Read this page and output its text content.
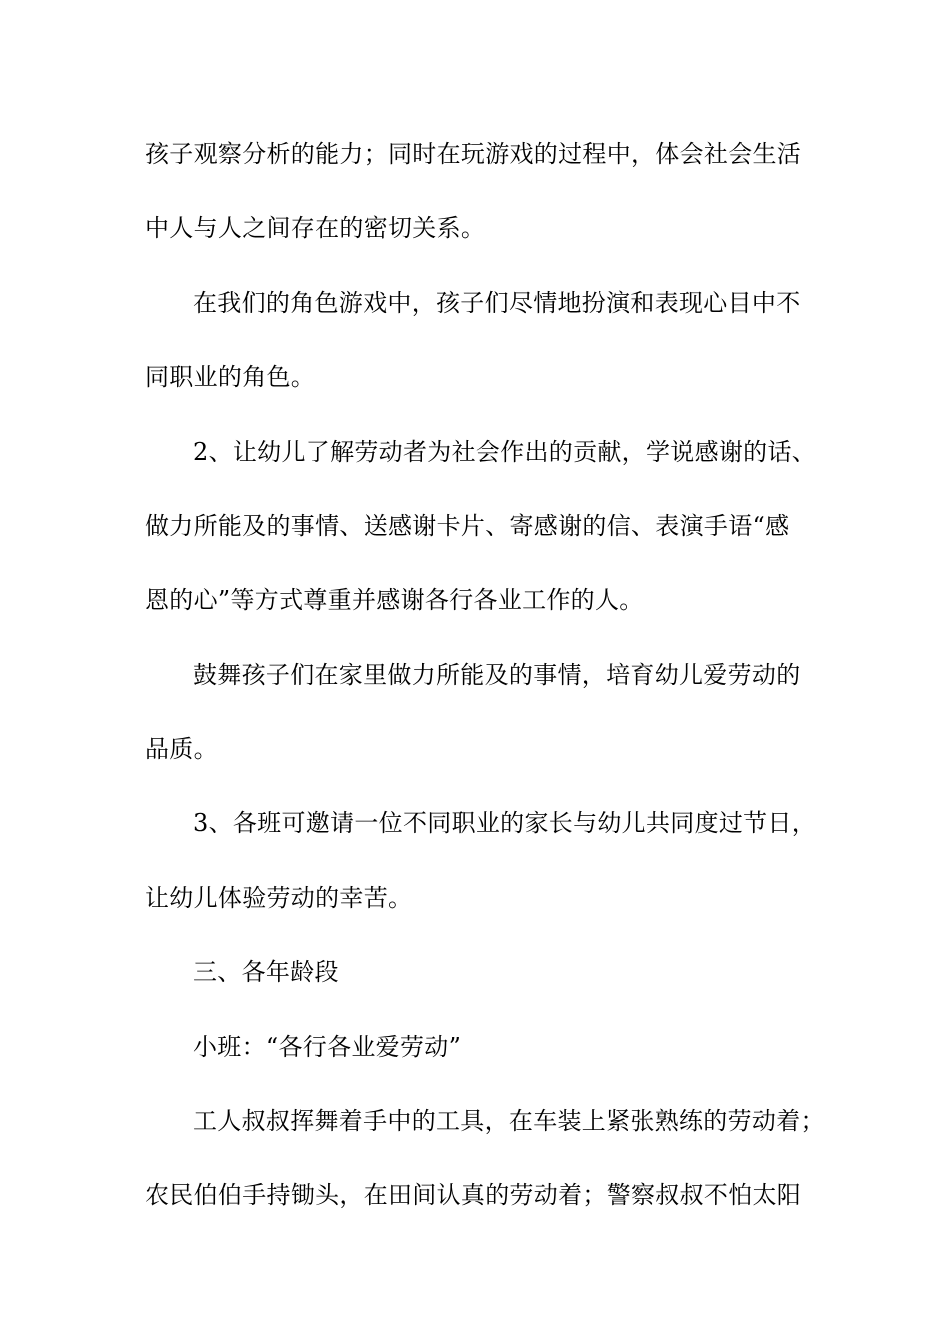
孩子观察分析的能力；同时在玩游戏的过程中，体会社会生活
中人与人之间存在的密切关系。
在我们的角色游戏中，孩子们尽情地扮演和表现心目中不
同职业的角色。
2、让幼儿了解劳动者为社会作出的贡献，学说感谢的话、
做力所能及的事情、送感谢卡片、寄感谢的信、表演手语“感
恩的心”等方式尊重并感谢各行各业工作的人。
鼓舞孩子们在家里做力所能及的事情，培育幼儿爱劳动的
品质。
3、各班可邀请一位不同职业的家长与幼儿共同度过节日，
让幼儿体验劳动的幸苦。
三、各年龄段
小班：“各行各业爱劳动”
工人叔叔挥舞着手中的工具，在车装上紧张熟练的劳动着；
农民伯伯手持锄头，在田间认真的劳动着；警察叔叔不怕太阳
